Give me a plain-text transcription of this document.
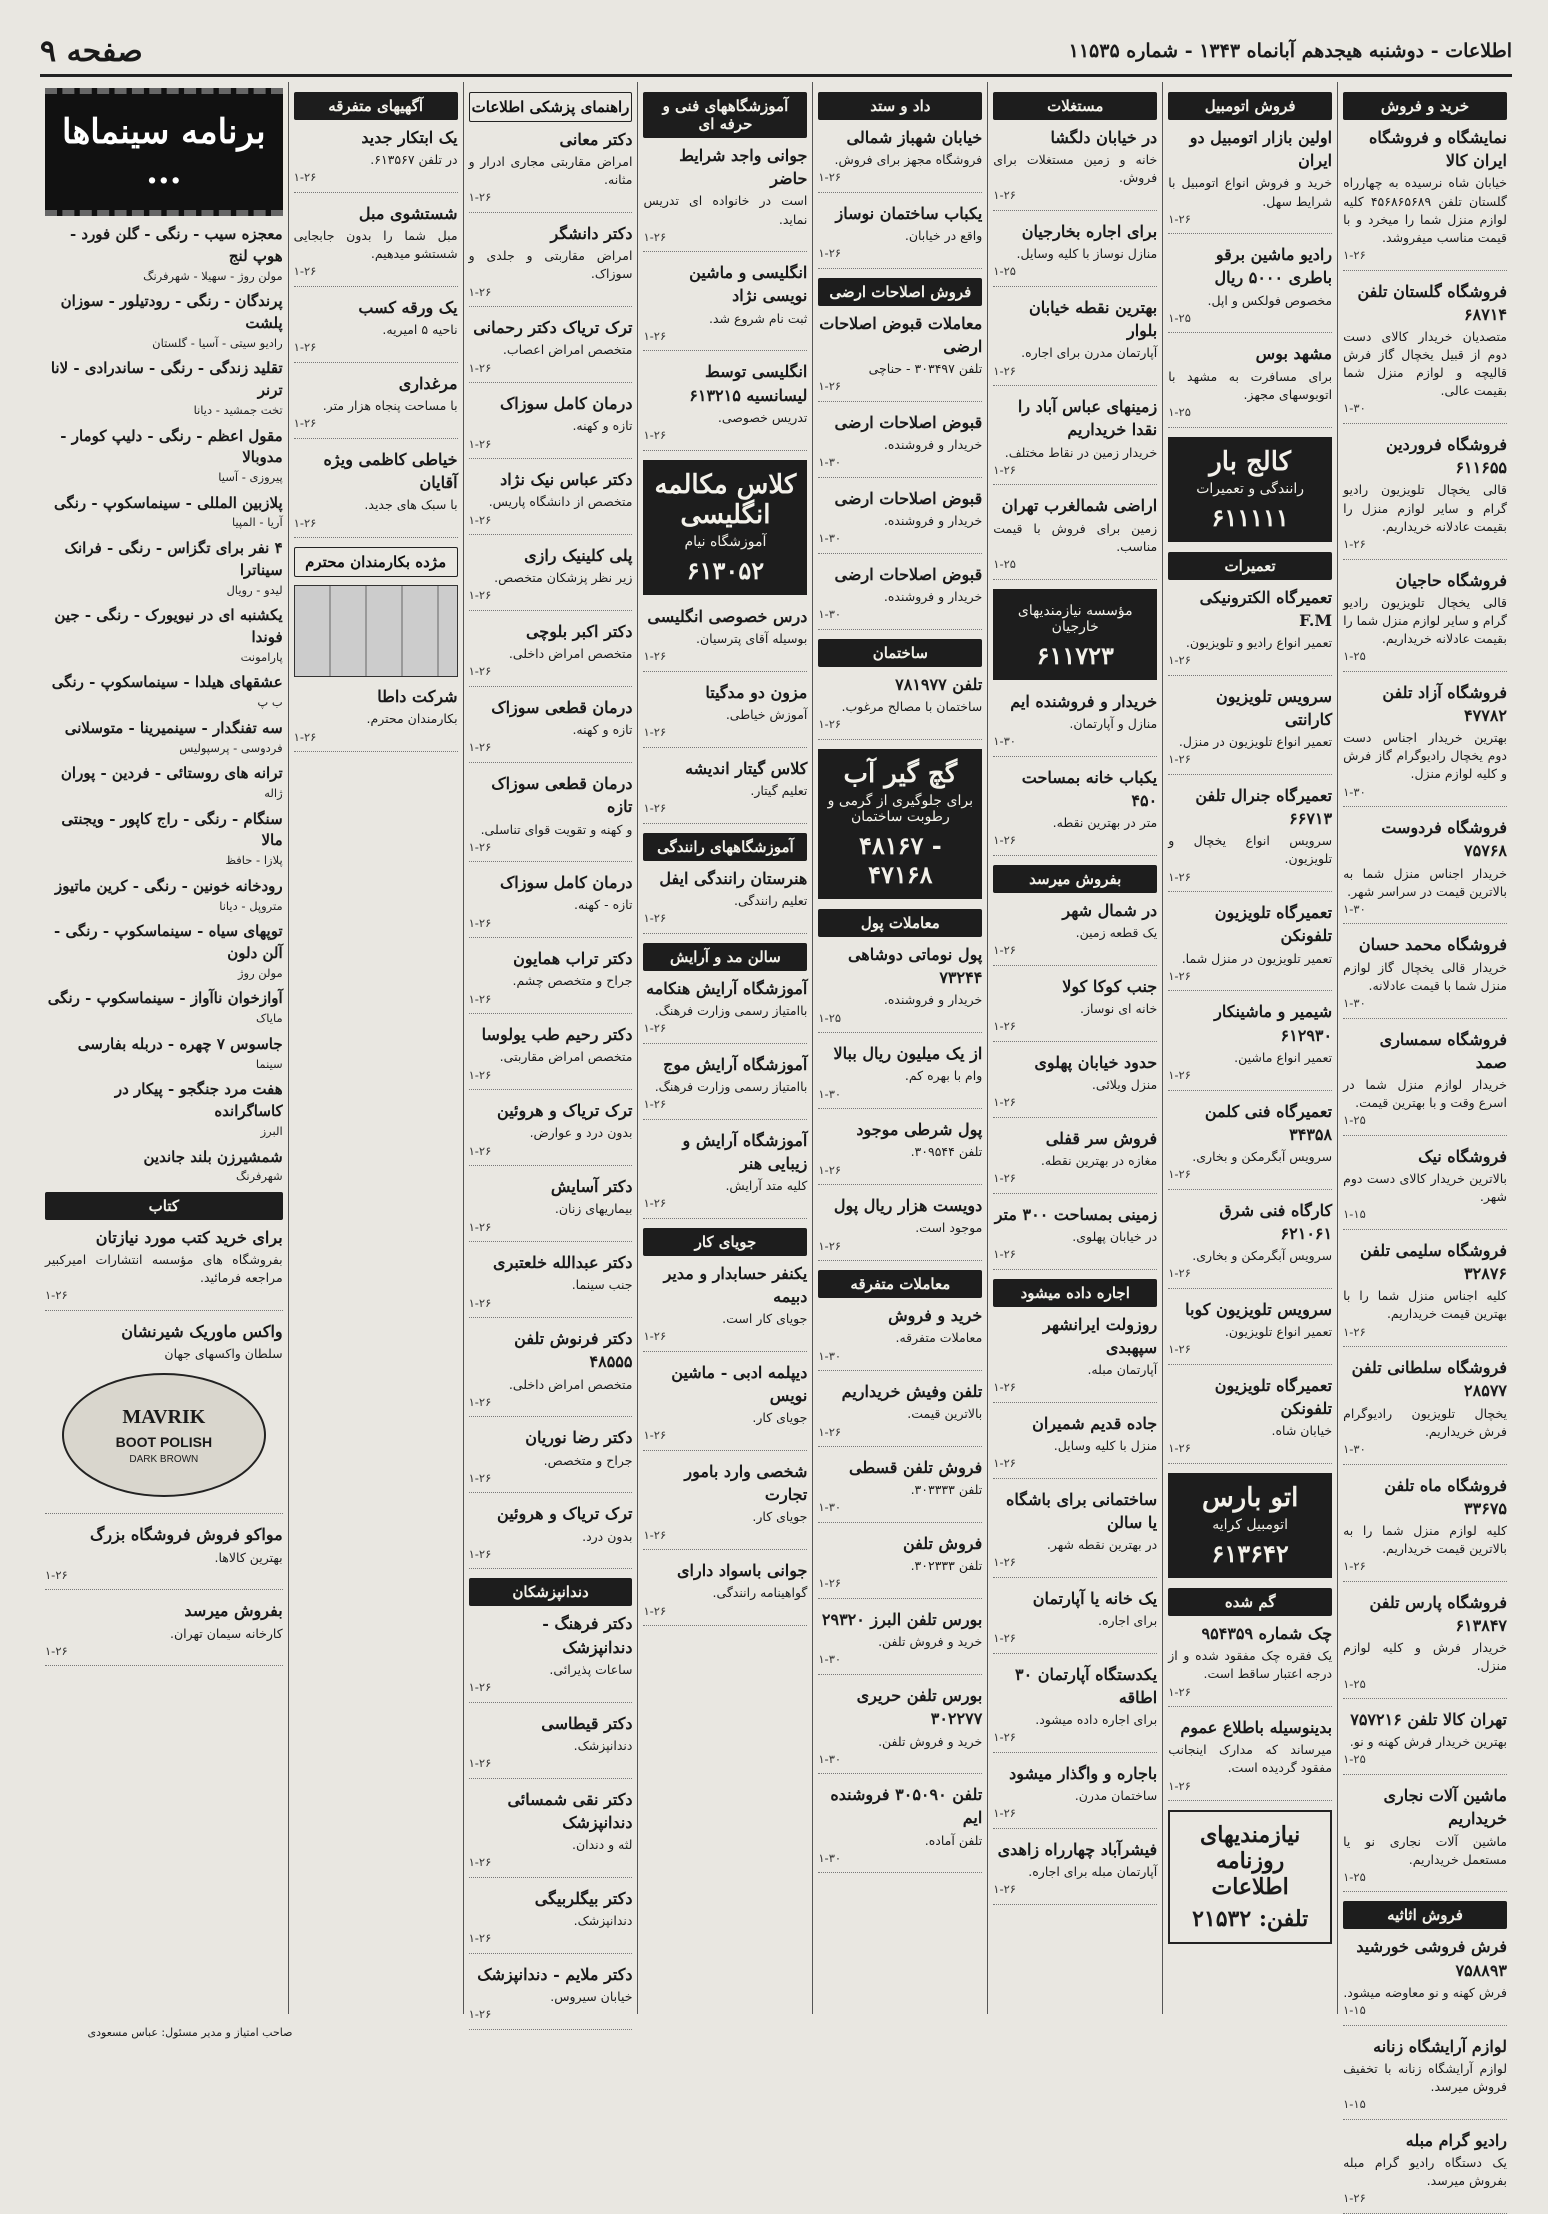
اطلاعات - دوشنبه هیجدهم آبانماه ۱۳۴۳ - شماره ۱۱۵۳۵
صفحه ۹
خرید و فروش
نمایشگاه و فروشگاه ایران کالا
خیابان شاه نرسیده به چهارراه گلستان تلفن ۴۵۶۸۶۵۶۸۹ کلیه لوازم منزل شما را میخرد و با قیمت مناسب میفروشد.
۱-۲۶
فروشگاه گلستان تلفن ۶۸۷۱۴
متصدیان خریدار کالای دست دوم از قبیل یخچال گاز فرش قالیچه و لوازم منزل شما بقیمت عالی.
۱-۳۰
فروشگاه فروردین ۶۱۱۶۵۵
قالی یخچال تلویزیون رادیو گرام و سایر لوازم منزل را بقیمت عادلانه خریداریم.
۱-۲۶
فروشگاه حاجیان
قالی یخچال تلویزیون رادیو گرام و سایر لوازم منزل شما را بقیمت عادلانه خریداریم.
۱-۲۵
فروشگاه آزاد تلفن ۴۷۷۸۲
بهترین خریدار اجناس دست دوم یخچال رادیوگرام گاز فرش و کلیه لوازم منزل.
۱-۳۰
فروشگاه فردوست ۷۵۷۶۸
خریدار اجناس منزل شما به بالاترین قیمت در سراسر شهر.
۱-۳۰
فروشگاه محمد حسان
خریدار قالی یخچال گاز لوازم منزل شما با قیمت عادلانه.
۱-۳۰
فروشگاه سمساری صمد
خریدار لوازم منزل شما در اسرع وقت و با بهترین قیمت.
۱-۲۵
فروشگاه نیک
بالاترین خریدار کالای دست دوم شهر.
۱-۱۵
فروشگاه سلیمی تلفن ۳۲۸۷۶
کلیه اجناس منزل شما را با بهترین قیمت خریداریم.
۱-۲۶
فروشگاه سلطانی تلفن ۲۸۵۷۷
یخچال تلویزیون رادیوگرام فرش خریداریم.
۱-۳۰
فروشگاه ماه تلفن ۳۳۶۷۵
کلیه لوازم منزل شما را به بالاترین قیمت خریداریم.
۱-۲۶
فروشگاه پارس تلفن ۶۱۳۸۴۷
خریدار فرش و کلیه لوازم منزل.
۱-۲۵
تهران کالا تلفن ۷۵۷۲۱۶
بهترین خریدار فرش کهنه و نو.
۱-۲۵
ماشین آلات نجاری خریداریم
ماشین آلات نجاری نو یا مستعمل خریداریم.
۱-۲۵
فروش اثاثیه
فرش فروشی خورشید ۷۵۸۸۹۳
فرش کهنه و نو معاوضه میشود.
۱-۱۵
لوازم آرایشگاه زنانه
لوازم آرایشگاه زنانه با تخفیف فروش میرسد.
۱-۱۵
رادیو گرام مبله
یک دستگاه رادیو گرام مبله بفروش میرسد.
۱-۲۶
فروش اتومبیل
اولین بازار اتومبیل دو ایران
خرید و فروش انواع اتومبیل با شرایط سهل.
۱-۲۶
رادیو ماشین برقو باطری ۵۰۰۰ ریال
مخصوص فولکس و اپل.
۱-۲۵
مشهد بوس
برای مسافرت به مشهد با اتوبوسهای مجهز.
۱-۲۵
کالج بار
رانندگی و تعمیرات
۶۱۱۱۱۱
تعمیرات
تعمیرگاه الکترونیکی F.M
تعمیر انواع رادیو و تلویزیون.
۱-۲۶
سرویس تلویزیون کارانتی
تعمیر انواع تلویزیون در منزل.
۱-۲۶
تعمیرگاه جنرال تلفن ۶۶۷۱۳
سرویس انواع یخچال و تلویزیون.
۱-۲۶
تعمیرگاه تلویزیون تلفونکن
تعمیر تلویزیون در منزل شما.
۱-۲۶
شیمیر و ماشینکار ۶۱۲۹۳۰
تعمیر انواع ماشین.
۱-۲۶
تعمیرگاه فنی کلمن ۳۴۳۵۸
سرویس آبگرمکن و بخاری.
۱-۲۶
کارگاه فنی شرق ۶۲۱۰۶۱
سرویس آبگرمکن و بخاری.
۱-۲۶
سرویس تلویزیون کوبا
تعمیر انواع تلویزیون.
۱-۲۶
تعمیرگاه تلویزیون تلفونکن
خیابان شاه.
۱-۲۶
اتو بارس
اتومبیل کرایه
۶۱۳۶۴۲
گم شده
چک شماره ۹۵۴۳۵۹
یک فقره چک مفقود شده و از درجه اعتبار ساقط است.
۱-۲۶
بدینوسیله باطلاع عموم
میرساند که مدارک اینجانب مفقود گردیده است.
۱-۲۶
نیازمندیهای روزنامه اطلاعات
تلفن: ۲۱۵۳۲
مستغلات
در خیابان دلگشا
خانه و زمین مستغلات برای فروش.
۱-۲۶
برای اجاره بخارجیان
منازل نوساز با کلیه وسایل.
۱-۲۵
بهترین نقطه خیابان بلوار
آپارتمان مدرن برای اجاره.
۱-۲۶
زمینهای عباس آباد را نقدا خریداریم
خریدار زمین در نقاط مختلف.
۱-۲۶
اراضی شمالغرب تهران
زمین برای فروش با قیمت مناسب.
۱-۲۵
مؤسسه نیازمندیهای خارجیان
۶۱۱۷۲۳
خریدار و فروشنده ایم
منازل و آپارتمان.
۱-۳۰
یکباب خانه بمساحت ۴۵۰
متر در بهترین نقطه.
۱-۲۶
بفروش میرسد
در شمال شهر
یک قطعه زمین.
۱-۲۶
جنب کوکا کولا
خانه ای نوساز.
۱-۲۶
حدود خیابان پهلوی
منزل ویلائی.
۱-۲۶
فروش سر قفلی
مغازه در بهترین نقطه.
۱-۲۶
زمینی بمساحت ۳۰۰ متر
در خیابان پهلوی.
۱-۲۶
اجاره داده میشود
روزولت ایرانشهر سپهبدی
آپارتمان مبله.
۱-۲۶
جاده قدیم شمیران
منزل با کلیه وسایل.
۱-۲۶
ساختمانی برای باشگاه یا سالن
در بهترین نقطه شهر.
۱-۲۶
یک خانه یا آپارتمان
برای اجاره.
۱-۲۶
یکدستگاه آپارتمان ۳۰ اطاقه
برای اجاره داده میشود.
۱-۲۶
باجاره و واگذار میشود
ساختمان مدرن.
۱-۲۶
فیشرآباد چهارراه زاهدی
آپارتمان مبله برای اجاره.
۱-۲۶
داد و ستد
خیابان شهباز شمالی
فروشگاه مجهز برای فروش.
۱-۲۶
یکباب ساختمان نوساز
واقع در خیابان.
۱-۲۶
فروش اصلاحات ارضی
معاملات قبوض اصلاحات ارضی
تلفن ۳۰۳۴۹۷ - حناچی
۱-۲۶
قبوض اصلاحات ارضی
خریدار و فروشنده.
۱-۳۰
قبوض اصلاحات ارضی
خریدار و فروشنده.
۱-۳۰
قبوض اصلاحات ارضی
خریدار و فروشنده.
۱-۳۰
ساختمان
تلفن ۷۸۱۹۷۷
ساختمان با مصالح مرغوب.
۱-۲۶
گچ گیر آب
برای جلوگیری از گرمی و رطوبت ساختمان
۴۸۱۶۷ - ۴۷۱۶۸
معاملات پول
پول نوماتی دوشاهی ۷۳۲۴۴
خریدار و فروشنده.
۱-۲۵
از یک میلیون ریال ببالا
وام با بهره کم.
۱-۳۰
پول شرطی موجود
تلفن ۳۰۹۵۴۴.
۱-۲۶
دویست هزار ریال پول
موجود است.
۱-۲۶
معاملات متفرقه
خرید و فروش
معاملات متفرقه.
۱-۳۰
تلفن وفیش خریداریم
بالاترین قیمت.
۱-۲۶
فروش تلفن قسطی
تلفن ۳۰۳۳۳۳.
۱-۳۰
فروش تلفن
تلفن ۳۰۲۳۳۳.
۱-۲۶
بورس تلفن البرز ۲۹۳۲۰
خرید و فروش تلفن.
۱-۳۰
بورس تلفن حریری ۳۰۲۲۷۷
خرید و فروش تلفن.
۱-۳۰
تلفن ۳۰۵۰۹۰ فروشنده ایم
تلفن آماده.
۱-۳۰
آموزشگاههای فنی و حرفه ای
جوانی واجد شرایط حاضر
است در خانواده ای تدریس نماید.
۱-۲۶
انگلیسی و ماشین نویسی نژاد
ثبت نام شروع شد.
۱-۲۶
انگلیسی توسط لیسانسیه ۶۱۳۲۱۵
تدریس خصوصی.
۱-۲۶
کلاس مکالمه انگلیسی
آموزشگاه نیام
۶۱۳۰۵۲
درس خصوصی انگلیسی
بوسیله آقای پترسیان.
۱-۲۶
مزون دو مدگیتا
آموزش خیاطی.
۱-۲۶
کلاس گیتار اندیشه
تعلیم گیتار.
۱-۲۶
آموزشگاههای رانندگی
هنرستان رانندگی ایفل
تعلیم رانندگی.
۱-۲۶
سالن مد و آرایش
آموزشگاه آرایش هنکامه
باامتیاز رسمی وزارت فرهنگ.
۱-۲۶
آموزشگاه آرایش موج
باامتیاز رسمی وزارت فرهنگ.
۱-۲۶
آموزشگاه آرایش و زیبایی هنر
کلیه متد آرایش.
۱-۲۶
جویای کار
یکنفر حسابدار و مدیر دبیمه
جویای کار است.
۱-۲۶
دیپلمه ادبی - ماشین نویس
جویای کار.
۱-۲۶
شخصی وارد بامور تجارت
جویای کار.
۱-۲۶
جوانی باسواد دارای
گواهینامه رانندگی.
۱-۲۶
راهنمای پزشکی اطلاعات
دکتر معانی
امراض مقاربتی مجاری ادرار و مثانه.
۱-۲۶
دکتر دانشگر
امراض مقاربتی و جلدی و سوزاک.
۱-۲۶
ترک تریاک دکتر رحمانی
متخصص امراض اعصاب.
۱-۲۶
درمان کامل سوزاک
تازه و کهنه.
۱-۲۶
دکتر عباس نیک نژاد
متخصص از دانشگاه پاریس.
۱-۲۶
پلی کلینیک رازی
زیر نظر پزشکان متخصص.
۱-۲۶
دکتر اکبر بلوچی
متخصص امراض داخلی.
۱-۲۶
درمان قطعی سوزاک
تازه و کهنه.
۱-۲۶
درمان قطعی سوزاک تازه
و کهنه و تقویت قوای تناسلی.
۱-۲۶
درمان کامل سوزاک
تازه - کهنه.
۱-۲۶
دکتر تراب همایون
جراح و متخصص چشم.
۱-۲۶
دکتر رحیم طب یولوسا
متخصص امراض مقاربتی.
۱-۲۶
ترک تریاک و هروئین
بدون درد و عوارض.
۱-۲۶
دکتر آسایش
بیماریهای زنان.
۱-۲۶
دکتر عبدالله خلعتبری
جنب سینما.
۱-۲۶
دکتر فرنوش تلفن ۴۸۵۵۵
متخصص امراض داخلی.
۱-۲۶
دکتر رضا نوریان
جراح و متخصص.
۱-۲۶
ترک تریاک و هروئین
بدون درد.
۱-۲۶
دندانپزشکان
دکتر فرهنگ - دندانپزشک
ساعات پذیرائی.
۱-۲۶
دکتر قیطاسی
دندانپزشک.
۱-۲۶
دکتر نقی شمسائی دندانپزشک
لثه و دندان.
۱-۲۶
دکتر بیگلربیگی
دندانپزشک.
۱-۲۶
دکتر ملایم - دندانپزشک
خیابان سیروس.
۱-۲۶
آگهیهای متفرقه
یک ابتکار جدید
در تلفن ۶۱۳۵۶۷.
۱-۲۶
شستشوی مبل
مبل شما را بدون جابجایی شستشو میدهیم.
۱-۲۶
یک ورقه کسب
ناحیه ۵ امیریه.
۱-۲۶
مرغداری
با مساحت پنجاه هزار متر.
۱-۲۶
خیاطی کاظمی ویژه آقایان
با سبک های جدید.
۱-۲۶
مژده بکارمندان محترم
شرکت داطا
بکارمندان محترم.
۱-۲۶
برنامه سینماها ...
معجزه سیب - رنگی - گلن فورد - هوپ لنج
مولن روژ - سهیلا - شهرفرنگ
پرندگان - رنگی - رودتیلور - سوزان پلشت
رادیو سیتی - آسیا - گلستان
تقلید زندگی - رنگی - ساندرادی - لانا ترنر
تخت جمشید - دیانا
مقول اعظم - رنگی - دلیپ کومار - مدوبالا
پیروزی - آسیا
پلازبین المللی - سینماسکوپ - رنگی
آریا - المپیا
۴ نفر برای تگزاس - رنگی - فرانک سیناترا
لیدو - رویال
یکشنبه ای در نیویورک - رنگی - جین فوندا
پارامونت
عشقهای هیلدا - سینماسکوپ - رنگی
ب پ
سه تفنگدار - سینمیرینا - متوسلانی
فردوسی - پرسپولیس
ترانه های روستائی - فردین - پوران
ژاله
سنگام - رنگی - راج کاپور - ویجنتی مالا
پلازا - حافظ
رودخانه خونین - رنگی - کرین ماتیوز
متروپل - دیانا
توپهای سیاه - سینماسکوپ - رنگی - آلن دلون
مولن روژ
آوازخوان ناآواز - سینماسکوپ - رنگی
مایاک
جاسوس ۷ چهره - دربله بفارسی
سینما
هفت مرد جنگجو - پیکار در کاساگرانده
البرز
شمشیرزن بلند جاندین
شهرفرنگ
کتاب
برای خرید کتب مورد نیازتان
بفروشگاه های مؤسسه انتشارات امیرکبیر مراجعه فرمائید.
۱-۲۶
واکس ماوریک شیرنشان
سلطان واکسهای جهان
MAVRIK
BOOT POLISH
DARK BROWN
مواکو فروش فروشگاه بزرگ
بهترین کالاها.
۱-۲۶
بفروش میرسد
کارخانه سیمان تهران.
۱-۲۶
صاحب امتیاز و مدیر مسئول: عباس مسعودی
